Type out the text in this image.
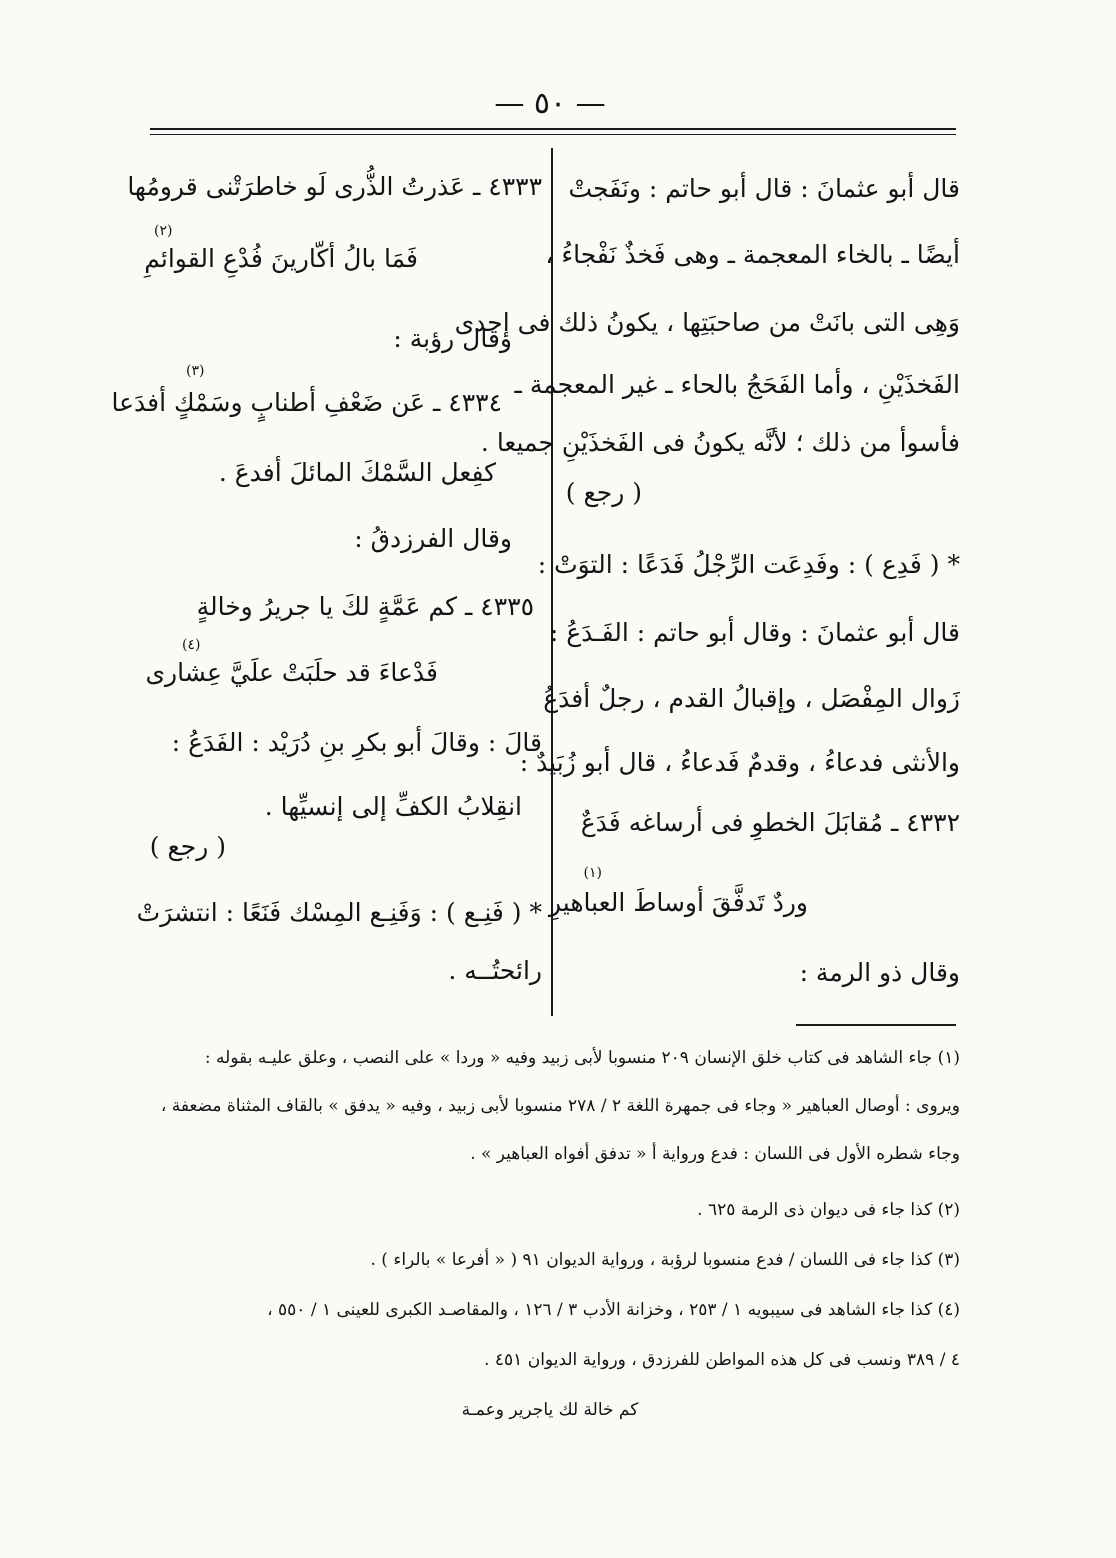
— ٥٠ —
قال أبو عثمانَ : قال أبو حاتم : ونَفَجتْ
أيضًا ـ بالخاء المعجمة ـ وهى فَخذٌ نَفْجاءُ ،
وَهِى التى بانَتْ من صاحبَتِها ، يكونُ ذلك فى إحدى
الفَخذَيْنِ ، وأما الفَحَجُ بالحاء ـ غير المعجمة ـ
فأسوأ من ذلك ؛ لأنَّه يكونُ فى الفَخذَيْنِ جميعا .
( رجع )
* ( فَدِع ) : وفَدِعَت الرِّجْلُ فَدَعًا : التوَتْ :
قال أبو عثمانَ : وقال أبو حاتم : الفَـدَعُ :
زَوال المِفْصَل ، وإقبالُ القدم ، رجلٌ أفدَعُ
والأنثى فدعاءُ ، وقدمٌ فَدعاءُ ، قال أبو زُبَيدٌ :
٤٣٣٢ ـ مُقابَلَ الخطوِ فى أرساغه فَدَعٌ
وردٌ تَدفَّقَ أوساطَ العباهيرِ
(١)
وقال ذو الرمة :
٤٣٣٣ ـ عَذرتُ الذُّرى لَو خاطرَتْنى قرومُها
فَمَا بالُ أكّارينَ فُدْعِ القوائمِ
(٢)
وقال رؤبة :
٤٣٣٤ ـ عَن ضَعْفِ أطنابٍ وسَمْكٍ أفدَعا
(٣)
كفِعل السَّمْكَ المائلَ أفدعَ .
وقال الفرزدقُ :
٤٣٣٥ ـ كم عَمَّةٍ لكَ يا جريرُ وخالةٍ
فَدْعاءَ قد حلَبَتْ علَيَّ عِشارى
(٤)
قالَ : وقالَ أبو بكرِ بنِ دُرَيْد : الفَدَعُ :
انقِلابُ الكفِّ إلى إنسيِّها .
( رجع )
* ( فَنِـع ) : وَفَنِـع المِسْك فَنَعًا : انتشرَتْ
رائحتُــه .
(١) جاء الشاهد فى كتاب خلق الإنسان ٢٠٩ منسوبا لأبى زبيد وفيه « وردا » على النصب ، وعلق عليـه بقوله :
ويروى : أوصال العباهير « وجاء فى جمهرة اللغة ٢ / ٢٧٨ منسوبا لأبى زبيد ، وفيه « يدفق » بالقاف المثناة مضعفة ،
وجاء شطره الأول فى اللسان : فدع ورواية أ « تدفق أفواه العباهير » .
(٢) كذا جاء فى ديوان ذى الرمة ٦٢٥ .
(٣) كذا جاء فى اللسان / فدع منسوبا لرؤبة ، ورواية الديوان ٩١ ( « أفرعا » بالراء ) .
(٤) كذا جاء الشاهد فى سيبويه ١ / ٢٥٣ ، وخزانة الأدب ٣ / ١٢٦ ، والمقاصـد الكبرى للعينى ١ / ٥٥٠ ،
٤ / ٣٨٩ ونسب فى كل هذه المواطن للفرزدق ، ورواية الديوان ٤٥١ .
كم خالة لك ياجرير وعمـة
